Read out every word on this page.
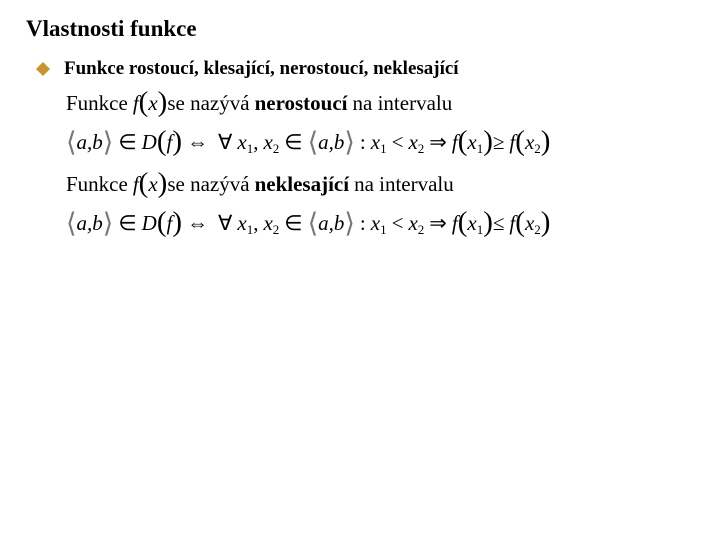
Vlastnosti funkce
Funkce rostoucí, klesající, nerostoucí, neklesající
Funkce f ( x ) se nazývá nerostoucí na intervalu
⟨ a,b ⟩ ∈ D ( f ) ⇔ ∀ x 1 , x 2 ∈ ⟨ a,b ⟩ : x 1 < x 2 ⇒ f ( x 1 ) ≥ f ( x 2 )
Funkce f ( x ) se nazývá neklesající na intervalu
⟨ a,b ⟩ ∈ D ( f ) ⇔ ∀ x 1 , x 2 ∈ ⟨ a,b ⟩ : x 1 < x 2 ⇒ f ( x 1 ) ≤ f ( x 2 )
